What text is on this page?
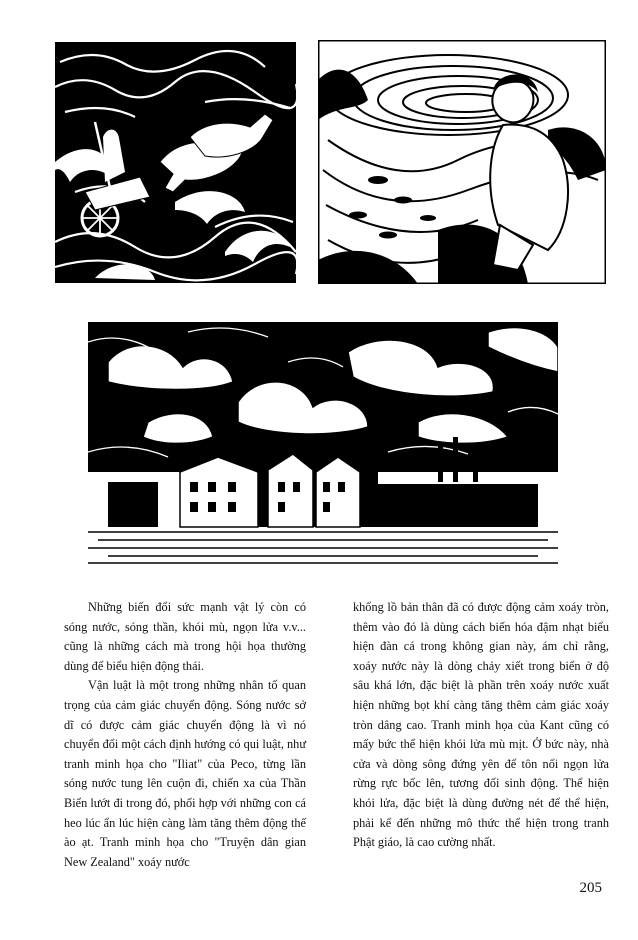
Những biến đổi sức mạnh vật lý còn có sóng nước, sóng thần, khói mù, ngọn lửa v.v... cũng là những cách mà trong hội họa thường dùng để biểu hiện động thái.

Vận luật là một trong những nhân tố quan trọng của cảm giác chuyển động. Sóng nước sở dĩ có được cảm giác chuyển động là vì nó chuyển đổi một cách định hướng có qui luật, như tranh minh họa cho "Iliat" của Peco, từng lần sóng nước tung lên cuộn đi, chiến xa của Thần Biển lướt đi trong đó, phối hợp với những con cá heo lúc ẩn lúc hiện càng làm tăng thêm động thế ào ạt. Tranh minh họa cho "Truyện dân gian New Zealand" xoáy nước

khổng lồ bản thân đã có được động cảm xoáy tròn, thêm vào đó là dùng cách biến hóa đậm nhạt biểu hiện đàn cá trong không gian này, ám chỉ rằng, xoáy nước này là dòng chảy xiết trong biển ở độ sâu khá lớn, đặc biệt là phần trên xoáy nước xuất hiện những bọt khí càng tăng thêm cảm giác xoáy tròn dâng cao. Tranh minh họa của Kant cũng có mấy bức thể hiện khói lửa mù mịt. Ở bức này, nhà cửa và dòng sông đứng yên để tôn nổi ngọn lửa rừng rực bốc lên, tương đối sinh động. Thể hiện khói lửa, đặc biệt là dùng đường nét để thể hiện, phải kể đến những mô thức thể hiện trong tranh Phật giáo, là cao cường nhất.

205
